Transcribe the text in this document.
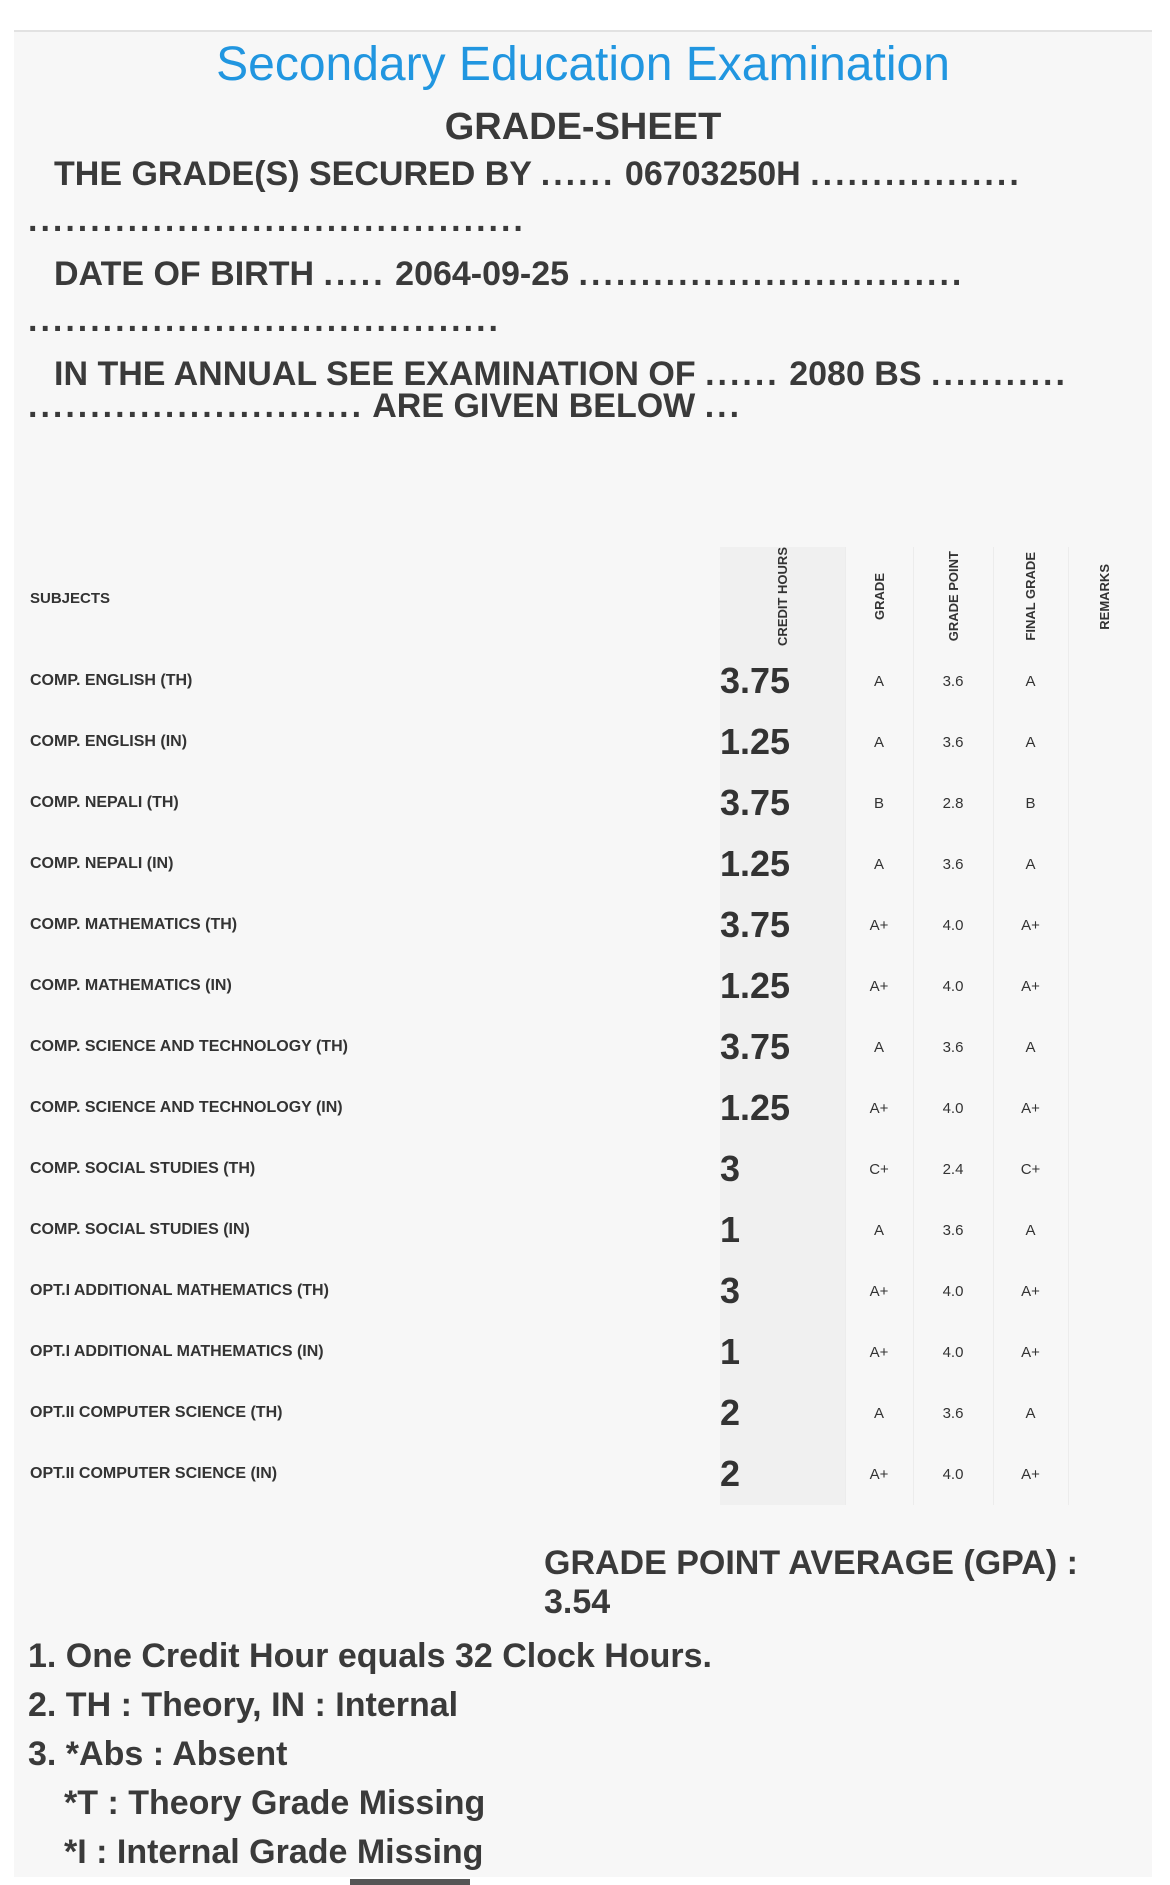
Secondary Education Examination
GRADE-SHEET
THE GRADE(S) SECURED BY ...... 06703250H .................
........................................
DATE OF BIRTH ..... 2064-09-25 ...............................
......................................
IN THE ANNUAL SEE EXAMINATION OF ...... 2080 BS ...........
........................... ARE GIVEN BELOW ...
SUBJECTS	CREDIT HOURS	GRADE	GRADE POINT	FINAL GRADE	REMARKS
COMP. ENGLISH (TH)	3.75	A	3.6	A	
COMP. ENGLISH (IN)	1.25	A	3.6	A	
COMP. NEPALI (TH)	3.75	B	2.8	B	
COMP. NEPALI (IN)	1.25	A	3.6	A	
COMP. MATHEMATICS (TH)	3.75	A+	4.0	A+	
COMP. MATHEMATICS (IN)	1.25	A+	4.0	A+	
COMP. SCIENCE AND TECHNOLOGY (TH)	3.75	A	3.6	A	
COMP. SCIENCE AND TECHNOLOGY (IN)	1.25	A+	4.0	A+	
COMP. SOCIAL STUDIES (TH)	3	C+	2.4	C+	
COMP. SOCIAL STUDIES (IN)	1	A	3.6	A	
OPT.I ADDITIONAL MATHEMATICS (TH)	3	A+	4.0	A+	
OPT.I ADDITIONAL MATHEMATICS (IN)	1	A+	4.0	A+	
OPT.II COMPUTER SCIENCE (TH)	2	A	3.6	A	
OPT.II COMPUTER SCIENCE (IN)	2	A+	4.0	A+	
GRADE POINT AVERAGE (GPA) : 3.54
1. One Credit Hour equals 32 Clock Hours.
2. TH : Theory, IN : Internal
3. *Abs : Absent
*T : Theory Grade Missing
*I : Internal Grade Missing
